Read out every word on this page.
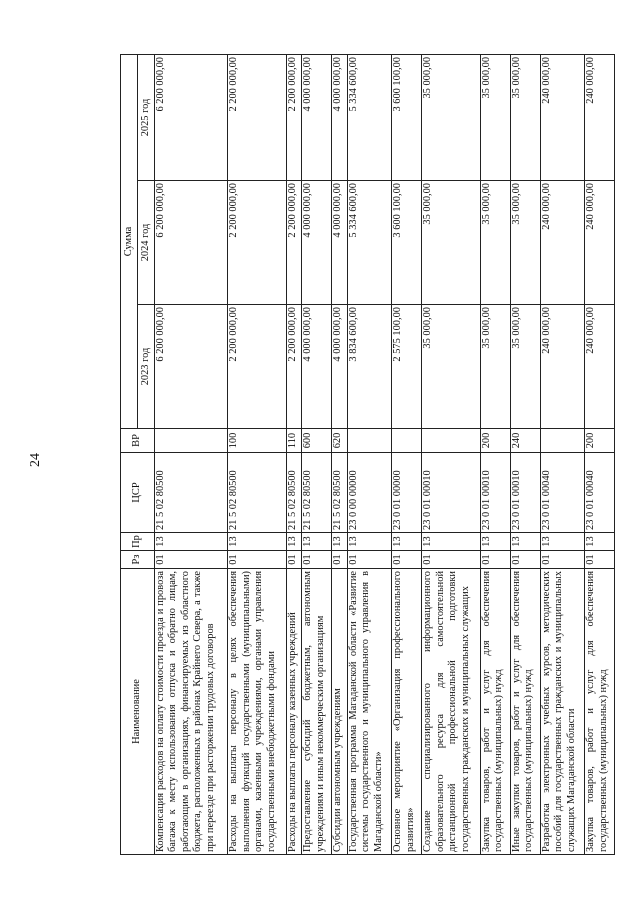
24
Наименование	Рз	Пр	ЦСР	ВР	Сумма		
					2023 год	2024 год	2025 год
Компенсация расходов на оплату стоимости проезда и провоза багажа к месту использования отпуска и обратно лицам, работающим в организациях, финансируемых из областного бюджета, расположенных в районах Крайнего Севера, а также при переезде при расторжении трудовых договоров	01	13	21 5 02 80500		6 200 000,00	6 200 000,00	6 200 000,00
Расходы на выплаты персоналу в целях обеспечения выполнения функций государственными (муниципальными) органами, казенными учреждениями, органами управления государственными внебюджетными фондами	01	13	21 5 02 80500	100	2 200 000,00	2 200 000,00	2 200 000,00
Расходы на выплаты персоналу казенных учреждений	01	13	21 5 02 80500	110	2 200 000,00	2 200 000,00	2 200 000,00
Предоставление субсидий бюджетным, автономным учреждениям и иным некоммерческим организациям	01	13	21 5 02 80500	600	4 000 000,00	4 000 000,00	4 000 000,00
Субсидии автономным учреждениям	01	13	21 5 02 80500	620	4 000 000,00	4 000 000,00	4 000 000,00
Государственная программа Магаданской области «Развитие системы государственного и муниципального управления в Магаданской области»	01	13	23 0 00 00000		3 834 600,00	5 334 600,00	5 334 600,00
Основное мероприятие «Организация профессионального развития»	01	13	23 0 01 00000		2 575 100,00	3 600 100,00	3 600 100,00
Создание специализированного информационного образовательного ресурса для самостоятельной дистанционной профессиональной подготовки государственных гражданских и муниципальных служащих	01	13	23 0 01 00010		35 000,00	35 000,00	35 000,00
Закупка товаров, работ и услуг для обеспечения государственных (муниципальных) нужд	01	13	23 0 01 00010	200	35 000,00	35 000,00	35 000,00
Иные закупки товаров, работ и услуг для обеспечения государственных (муниципальных) нужд	01	13	23 0 01 00010	240	35 000,00	35 000,00	35 000,00
Разработка электронных учебных курсов, методических пособий для государственных гражданских и муниципальных служащих Магаданской области	01	13	23 0 01 00040		240 000,00	240 000,00	240 000,00
Закупка товаров, работ и услуг для обеспечения государственных (муниципальных) нужд	01	13	23 0 01 00040	200	240 000,00	240 000,00	240 000,00
